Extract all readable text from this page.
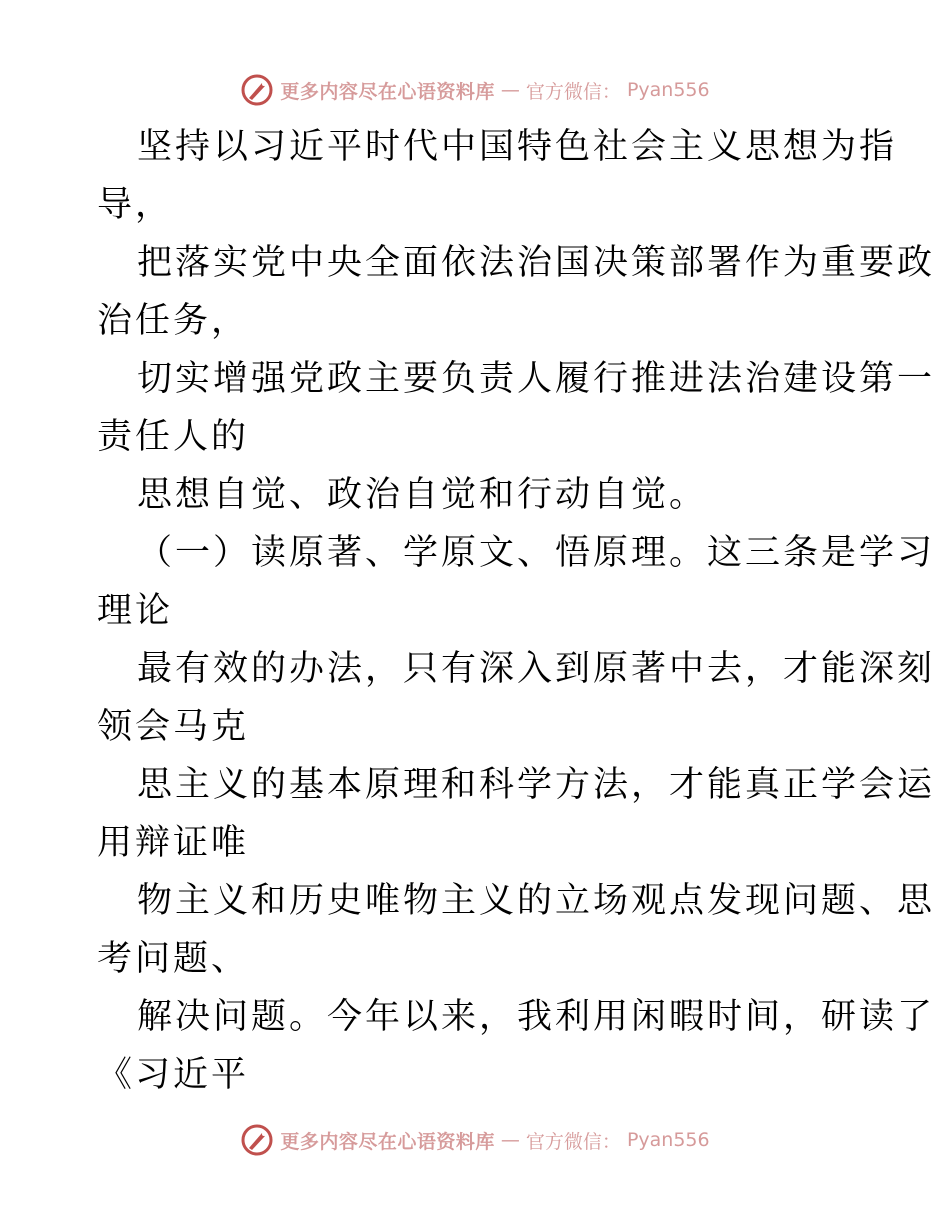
更多内容尽在心语资料库 — 官方微信： Pyan556

坚持以习近平时代中国特色社会主义思想为指

导，

把落实党中央全面依法治国决策部署作为重要政

治任务，

切实增强党政主要负责人履行推进法治建设第一

责任人的

思想自觉、政治自觉和行动自觉。

（一）读原著、学原文、悟原理。这三条是学习

理论

最有效的办法，只有深入到原著中去，才能深刻

领会马克

思主义的基本原理和科学方法，才能真正学会运

用辩证唯

物主义和历史唯物主义的立场观点发现问题、思

考问题、

解决问题。今年以来，我利用闲暇时间，研读了

《习近平

更多内容尽在心语资料库 — 官方微信： Pyan556
